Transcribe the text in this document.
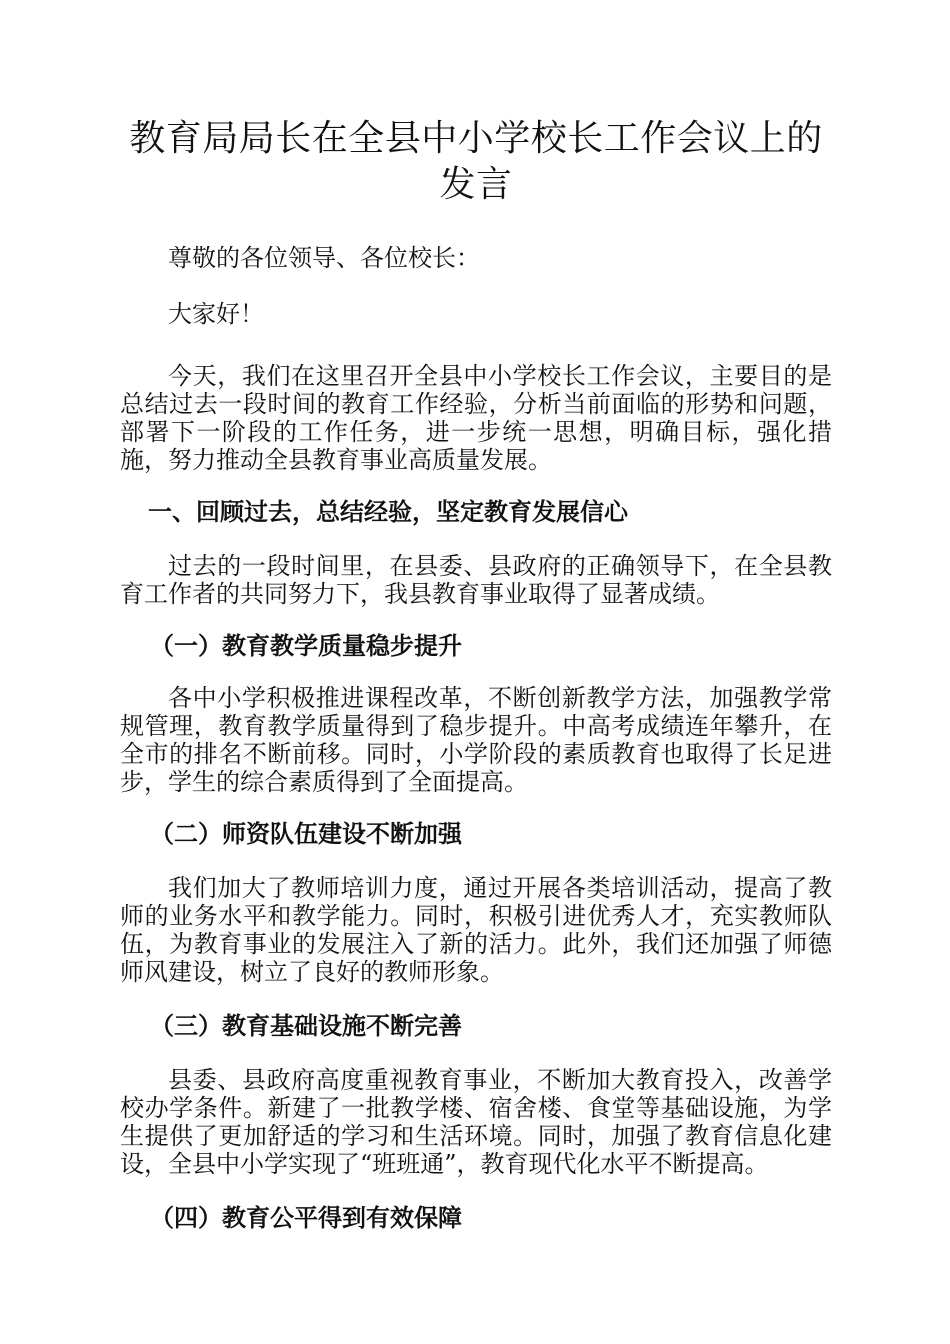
教育局局长在全县中小学校长工作会议上的发言

尊敬的各位领导、各位校长：

大家好！

今天，我们在这里召开全县中小学校长工作会议，主要目的是总结过去一段时间的教育工作经验，分析当前面临的形势和问题，部署下一阶段的工作任务，进一步统一思想，明确目标，强化措施，努力推动全县教育事业高质量发展。

一、回顾过去，总结经验，坚定教育发展信心

过去的一段时间里，在县委、县政府的正确领导下，在全县教育工作者的共同努力下，我县教育事业取得了显著成绩。

（一）教育教学质量稳步提升

各中小学积极推进课程改革，不断创新教学方法，加强教学常规管理，教育教学质量得到了稳步提升。中高考成绩连年攀升，在全市的排名不断前移。同时，小学阶段的素质教育也取得了长足进步，学生的综合素质得到了全面提高。

（二）师资队伍建设不断加强

我们加大了教师培训力度，通过开展各类培训活动，提高了教师的业务水平和教学能力。同时，积极引进优秀人才，充实教师队伍，为教育事业的发展注入了新的活力。此外，我们还加强了师德师风建设，树立了良好的教师形象。

（三）教育基础设施不断完善

县委、县政府高度重视教育事业，不断加大教育投入，改善学校办学条件。新建了一批教学楼、宿舍楼、食堂等基础设施，为学生提供了更加舒适的学习和生活环境。同时，加强了教育信息化建设，全县中小学实现了“班班通”，教育现代化水平不断提高。

（四）教育公平得到有效保障
